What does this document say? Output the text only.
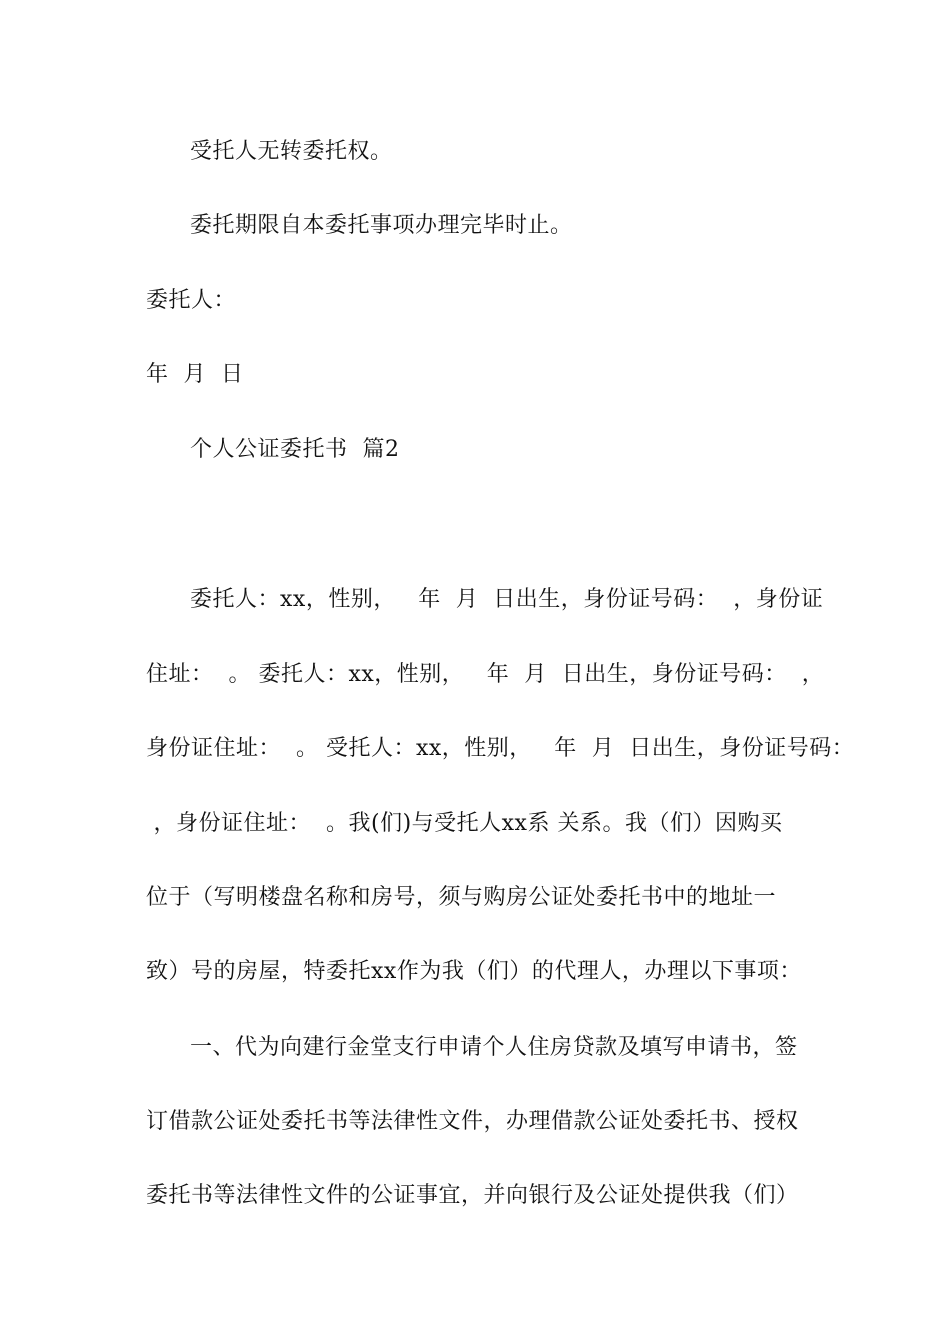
受托人无转委托权。
委托期限自本委托事项办理完毕时止。
委托人：
年  月  日
个人公证委托书  篇2
委托人：xx，性别，   年  月  日出生，身份证号码：  ，身份证
住址：  。 委托人：xx，性别，   年  月  日出生，身份证号码：  ，
身份证住址：  。 受托人：xx，性别，   年  月  日出生，身份证号码：
，身份证住址：  。我(们)与受托人xx系 关系。我（们）因购买
位于（写明楼盘名称和房号，须与购房公证处委托书中的地址一
致）号的房屋，特委托xx作为我（们）的代理人，办理以下事项：
一、代为向建行金堂支行申请个人住房贷款及填写申请书，签
订借款公证处委托书等法律性文件，办理借款公证处委托书、授权
委托书等法律性文件的公证事宜，并向银行及公证处提供我（们）
